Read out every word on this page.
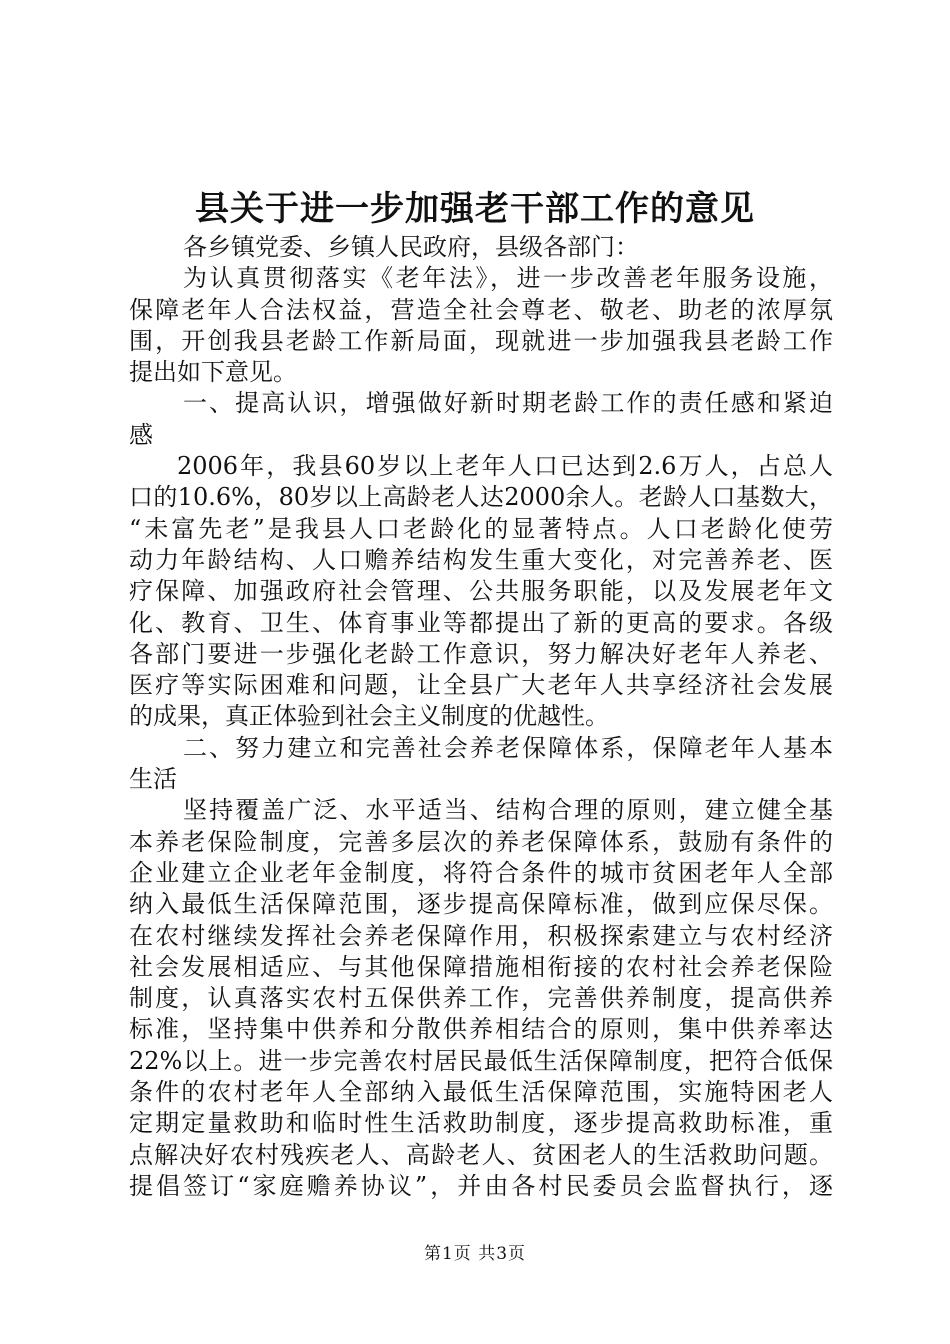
县关于进一步加强老干部工作的意见
各乡镇党委、乡镇人民政府，县级各部门：
为认真贯彻落实《老年法》，进一步改善老年服务设施，
保障老年人合法权益，营造全社会尊老、敬老、助老的浓厚氛
围，开创我县老龄工作新局面，现就进一步加强我县老龄工作
提出如下意见。
一、提高认识，增强做好新时期老龄工作的责任感和紧迫
感
2006年，我县60岁以上老年人口已达到2.6万人，占总人
口的10.6%，80岁以上高龄老人达2000余人。老龄人口基数大，
“未富先老”是我县人口老龄化的显著特点。人口老龄化使劳
动力年龄结构、人口赡养结构发生重大变化，对完善养老、医
疗保障、加强政府社会管理、公共服务职能，以及发展老年文
化、教育、卫生、体育事业等都提出了新的更高的要求。各级
各部门要进一步强化老龄工作意识，努力解决好老年人养老、
医疗等实际困难和问题，让全县广大老年人共享经济社会发展
的成果，真正体验到社会主义制度的优越性。
二、努力建立和完善社会养老保障体系，保障老年人基本
生活
坚持覆盖广泛、水平适当、结构合理的原则，建立健全基
本养老保险制度，完善多层次的养老保障体系，鼓励有条件的
企业建立企业老年金制度，将符合条件的城市贫困老年人全部
纳入最低生活保障范围，逐步提高保障标准，做到应保尽保。
在农村继续发挥社会养老保障作用，积极探索建立与农村经济
社会发展相适应、与其他保障措施相衔接的农村社会养老保险
制度，认真落实农村五保供养工作，完善供养制度，提高供养
标准，坚持集中供养和分散供养相结合的原则，集中供养率达
22%以上。进一步完善农村居民最低生活保障制度，把符合低保
条件的农村老年人全部纳入最低生活保障范围，实施特困老人
定期定量救助和临时性生活救助制度，逐步提高救助标准，重
点解决好农村残疾老人、高龄老人、贫困老人的生活救助问题。
提倡签订“家庭赡养协议”，并由各村民委员会监督执行，逐
第1页 共3页
